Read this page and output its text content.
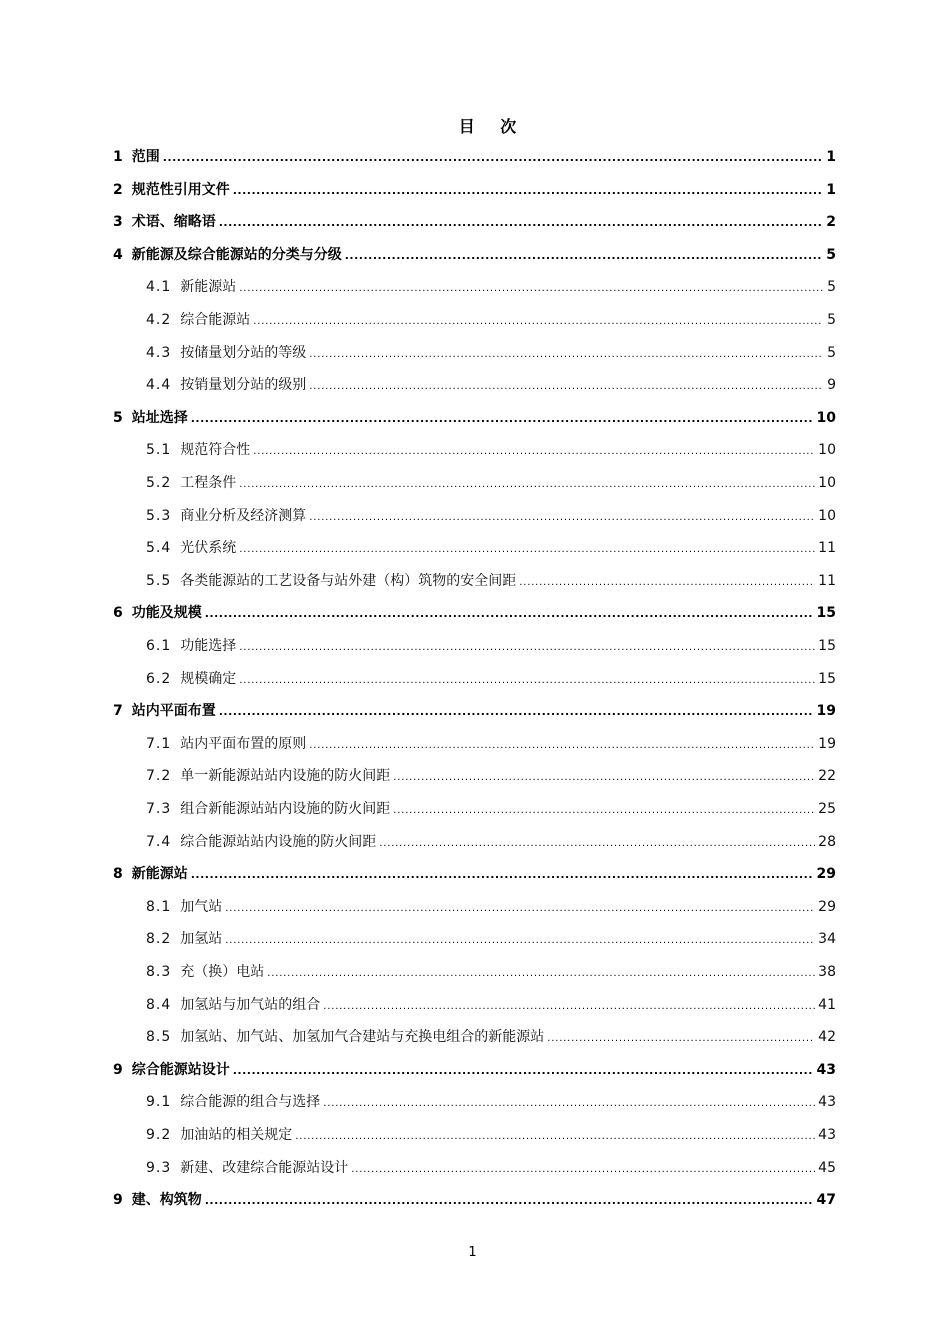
目 次
1 范围 .....	1
2 规范性引用文件 .....	1
3 术语、缩略语 .....	2
4 新能源及综合能源站的分类与分级 .....	5
4.1 新能源站 .....	5
4.2 综合能源站 .....	5
4.3 按储量划分站的等级 .....	5
4.4 按销量划分站的级别 .....	9
5 站址选择 .....	10
5.1 规范符合性 .....	10
5.2 工程条件 .....	10
5.3 商业分析及经济测算 .....	10
5.4 光伏系统 .....	11
5.5 各类能源站的工艺设备与站外建（构）筑物的安全间距 .....	11
6 功能及规模 .....	15
6.1 功能选择 .....	15
6.2 规模确定 .....	15
7 站内平面布置 .....	19
7.1 站内平面布置的原则 .....	19
7.2 单一新能源站站内设施的防火间距 .....	22
7.3 组合新能源站站内设施的防火间距 .....	25
7.4 综合能源站站内设施的防火间距 .....	28
8 新能源站 .....	29
8.1 加气站 .....	29
8.2 加氢站 .....	34
8.3 充（换）电站 .....	38
8.4 加氢站与加气站的组合 .....	41
8.5 加氢站、加气站、加氢加气合建站与充换电组合的新能源站 .....	42
9 综合能源站设计 .....	43
9.1 综合能源的组合与选择 .....	43
9.2 加油站的相关规定 .....	43
9.3 新建、改建综合能源站设计 .....	45
9 建、构筑物 .....	47
1
